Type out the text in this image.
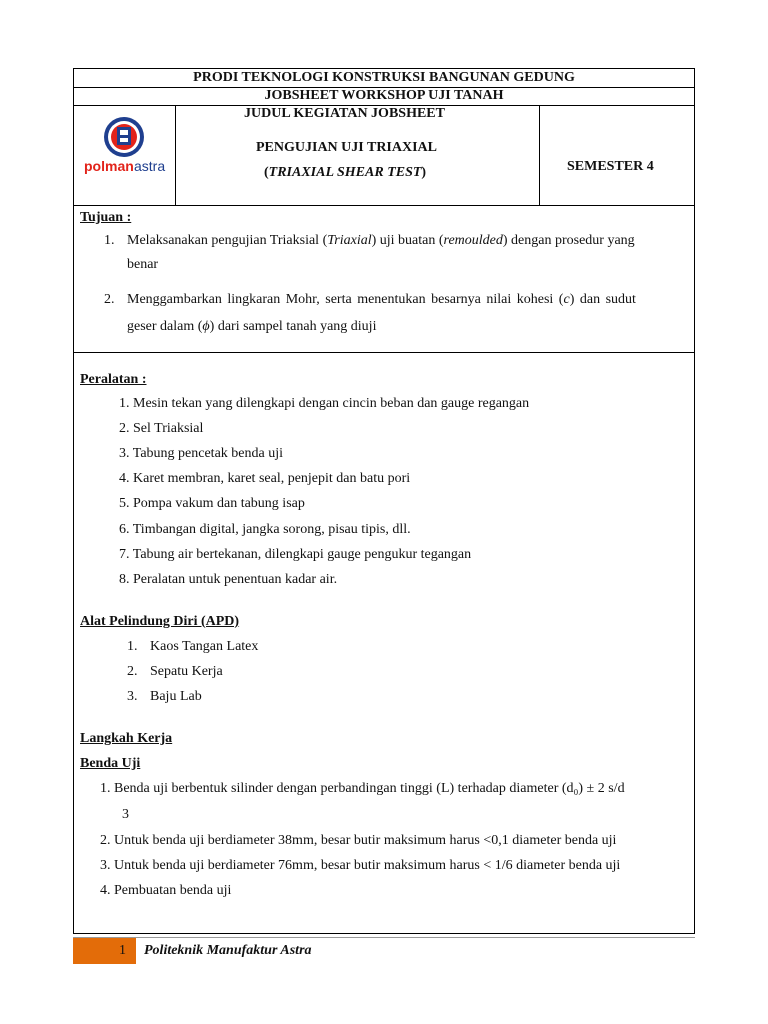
PRODI TEKNOLOGI KONSTRUKSI BANGUNAN GEDUNG
JOBSHEET WORKSHOP UJI TANAH
polman astra
JUDUL KEGIATAN JOBSHEET
PENGUJIAN UJI TRIAXIAL
(TRIAXIAL SHEAR TEST)	SEMESTER 4
Tujuan :
1. Melaksanakan pengujian Triaksial (Triaxial) uji buatan (remoulded) dengan prosedur yang
benar
2. Menggambarkan lingkaran Mohr, serta menentukan besarnya nilai kohesi (c) dan sudut
geser dalam (ϕ) dari sampel tanah yang diuji
Peralatan :
1. Mesin tekan yang dilengkapi dengan cincin beban dan gauge regangan
2. Sel Triaksial
3. Tabung pencetak benda uji
4. Karet membran, karet seal, penjepit dan batu pori
5. Pompa vakum dan tabung isap
6. Timbangan digital, jangka sorong, pisau tipis, dll.
7. Tabung air bertekanan, dilengkapi gauge pengukur tegangan
8. Peralatan untuk penentuan kadar air.
Alat Pelindung Diri (APD)
1. Kaos Tangan Latex
2. Sepatu Kerja
3. Baju Lab
Langkah Kerja
Benda Uji
1. Benda uji berbentuk silinder dengan perbandingan tinggi (L) terhadap diameter (d₀) ± 2 s/d
3
2. Untuk benda uji berdiameter 38mm, besar butir maksimum harus <0,1 diameter benda uji
3. Untuk benda uji berdiameter 76mm, besar butir maksimum harus < 1/6 diameter benda uji
4. Pembuatan benda uji
1 Politeknik Manufaktur Astra
